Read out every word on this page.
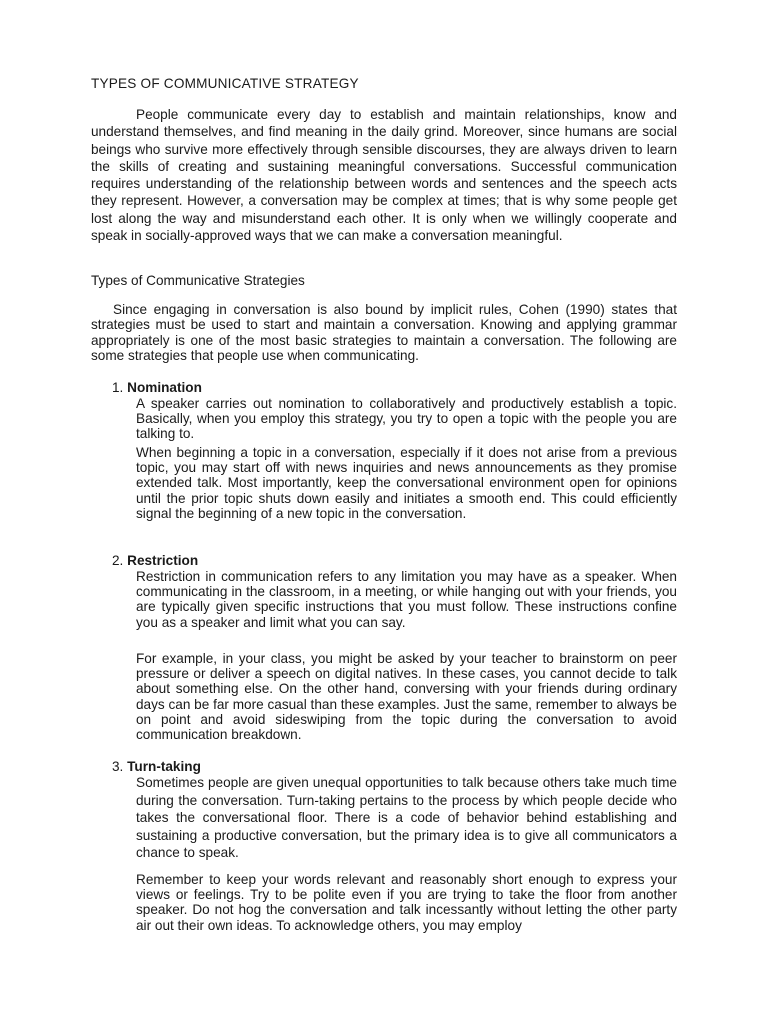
TYPES OF COMMUNICATIVE STRATEGY

People communicate every day to establish and maintain relationships, know and understand themselves, and find meaning in the daily grind. Moreover, since humans are social beings who survive more effectively through sensible discourses, they are always driven to learn the skills of creating and sustaining meaningful conversations. Successful communication requires understanding of the relationship between words and sentences and the speech acts they represent. However, a conversation may be complex at times; that is why some people get lost along the way and misunderstand each other. It is only when we willingly cooperate and speak in socially-approved ways that we can make a conversation meaningful.

Types of Communicative Strategies

Since engaging in conversation is also bound by implicit rules, Cohen (1990) states that strategies must be used to start and maintain a conversation. Knowing and applying grammar appropriately is one of the most basic strategies to maintain a conversation. The following are some strategies that people use when communicating.

1. Nomination

A speaker carries out nomination to collaboratively and productively establish a topic. Basically, when you employ this strategy, you try to open a topic with the people you are talking to.

When beginning a topic in a conversation, especially if it does not arise from a previous topic, you may start off with news inquiries and news announcements as they promise extended talk. Most importantly, keep the conversational environment open for opinions until the prior topic shuts down easily and initiates a smooth end. This could efficiently signal the beginning of a new topic in the conversation.

2. Restriction

Restriction in communication refers to any limitation you may have as a speaker. When communicating in the classroom, in a meeting, or while hanging out with your friends, you are typically given specific instructions that you must follow. These instructions confine you as a speaker and limit what you can say.

For example, in your class, you might be asked by your teacher to brainstorm on peer pressure or deliver a speech on digital natives. In these cases, you cannot decide to talk about something else. On the other hand, conversing with your friends during ordinary days can be far more casual than these examples. Just the same, remember to always be on point and avoid sideswiping from the topic during the conversation to avoid communication breakdown.

3. Turn-taking

Sometimes people are given unequal opportunities to talk because others take much time during the conversation. Turn-taking pertains to the process by which people decide who takes the conversational floor. There is a code of behavior behind establishing and sustaining a productive conversation, but the primary idea is to give all communicators a chance to speak.

Remember to keep your words relevant and reasonably short enough to express your views or feelings. Try to be polite even if you are trying to take the floor from another speaker. Do not hog the conversation and talk incessantly without letting the other party air out their own ideas. To acknowledge others, you may employ
